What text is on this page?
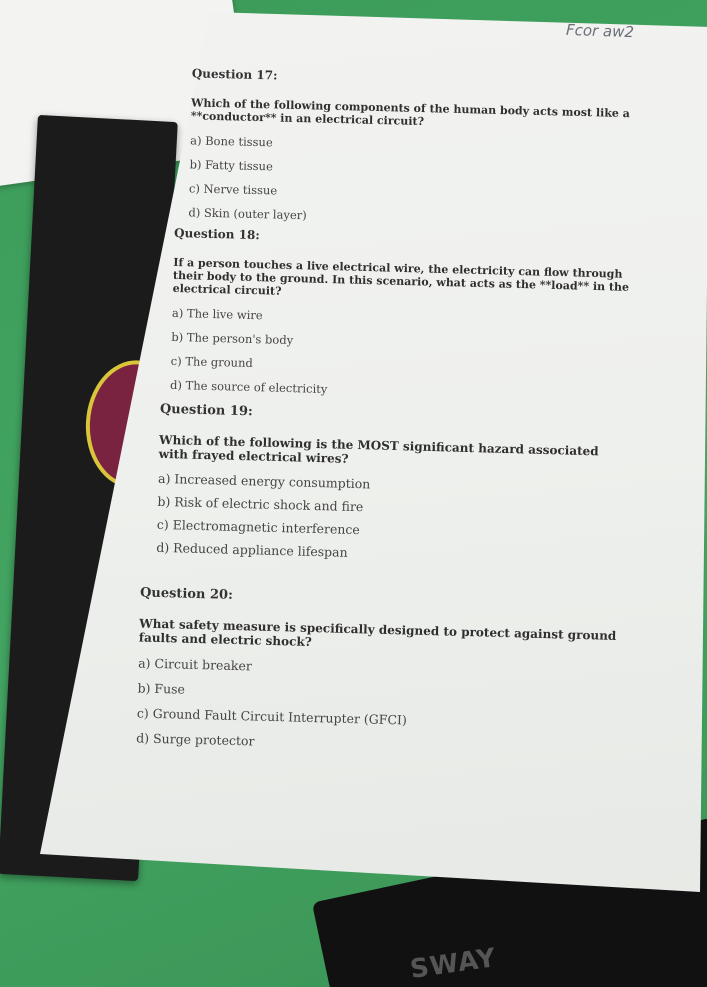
SWAY
Fcor aw2
Question 17:
Which of the following components of the human body acts most like a **conductor** in an electrical circuit?
a) Bone tissue
b) Fatty tissue
c) Nerve tissue
d) Skin (outer layer)
Question 18:
If a person touches a live electrical wire, the electricity can flow through their body to the ground. In this scenario, what acts as the **load** in the electrical circuit?
a) The live wire
b) The person's body
c) The ground
d) The source of electricity
Question 19:
Which of the following is the MOST significant hazard associated with frayed electrical wires?
a) Increased energy consumption
b) Risk of electric shock and fire
c) Electromagnetic interference
d) Reduced appliance lifespan
Question 20:
What safety measure is specifically designed to protect against ground faults and electric shock?
a) Circuit breaker
b) Fuse
c) Ground Fault Circuit Interrupter (GFCI)
d) Surge protector
